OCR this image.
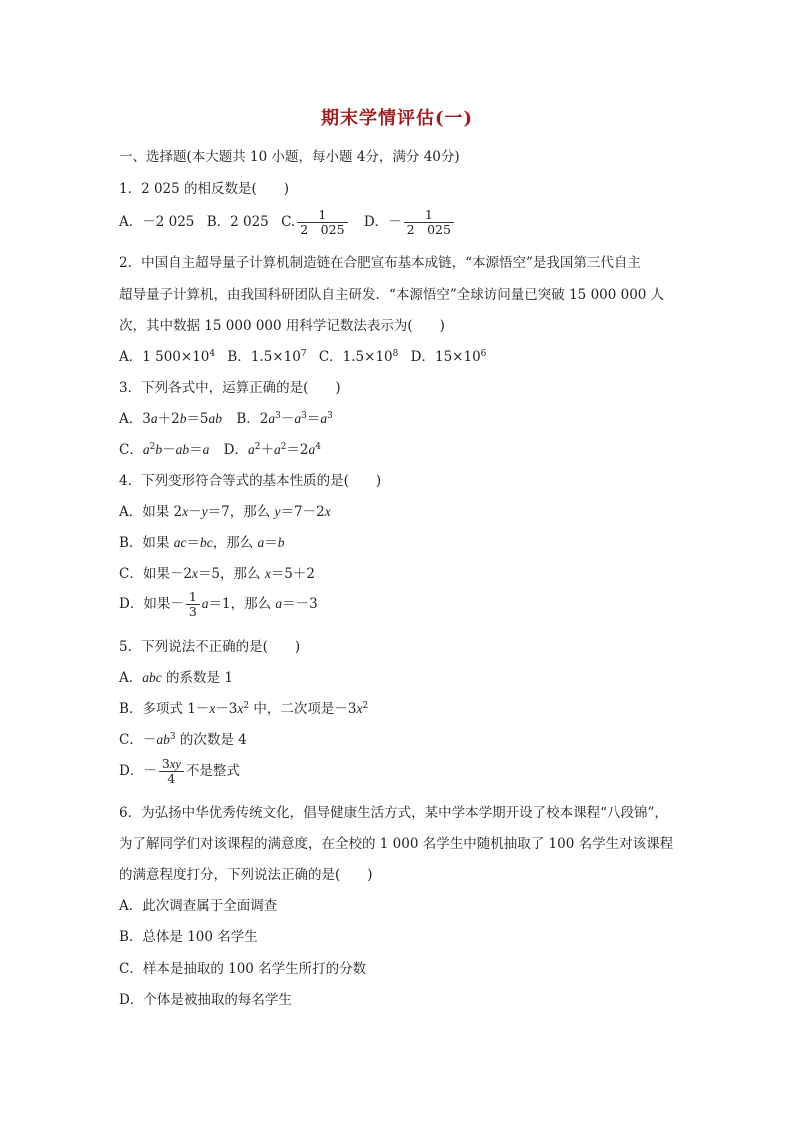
期末学情评估(一)
一、选择题(本大题共 10 小题，每小题 4分，满分 40分)
1．2 025 的相反数是(　　)
A．－2 025 B．2 025 C. $\frac{1}{2 025}$ D．－ $\frac{1}{2 025}$
2．中国自主超导量子计算机制造链在合肥宣布基本成链，“本源悟空”是我国第三代自主
超导量子计算机，由我国科研团队自主研发．“本源悟空”全球访问量已突破 15 000 000 人
次，其中数据 15 000 000 用科学记数法表示为(　　)
A．1 $500\times 10^4$ B．$1.5\times 10^7$ C．$1.5\times 10^8$ D．$15\times 10^6$
3．下列各式中，运算正确的是(　　)
A．3a＋2b＝5ab B．$2a^3-a^3=a^3$
C．$a^2b-ab=a$ D．$a^2+a^2=2a^4$
4．下列变形符合等式的基本性质的是(　　)
A．如果 2x－y＝7，那么 y＝7－2x
B．如果 ac＝bc，那么 a＝b
C．如果－2x＝5，那么 x＝5＋2
D．如果－ $\frac{1}{3} a=1$，那么 a＝－3
5．下列说法不正确的是(　　)
A．abc 的系数是 1
B．多项式 $1-x-3x^2$ 中，二次项是$-3x^2$
C．$-ab^3$ 的次数是 4
D．－ $\frac{3xy}{4}$ 不是整式
6．为弘扬中华优秀传统文化，倡导健康生活方式，某中学本学期开设了校本课程“八段锦”，
为了解同学们对该课程的满意度，在全校的 1 000 名学生中随机抽取了 100 名学生对该课程
的满意程度打分，下列说法正确的是(　　)
A．此次调查属于全面调查
B．总体是 100 名学生
C．样本是抽取的 100 名学生所打的分数
D．个体是被抽取的每名学生
